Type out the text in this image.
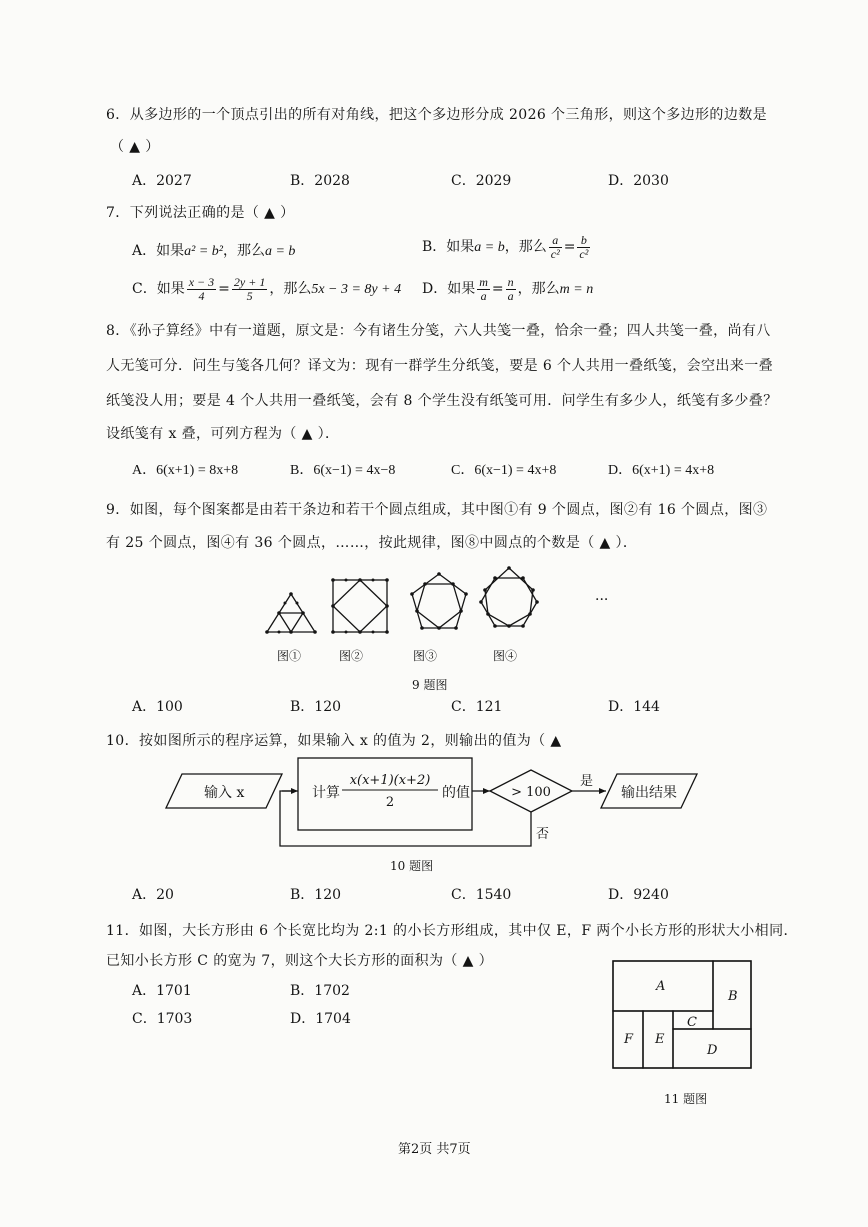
6．从多边形的一个顶点引出的所有对角线，把这个多边形分成 2026 个三角形，则这个多边形的边数是
（ ▲ ）
A．2027	B．2028	C．2029	D．2030
7．下列说法正确的是（ ▲ ）
A．如果a² = b²，那么a = b	B．如果a = b，那么 $\frac{a}{\text{c²}} = \frac{b}{\text{c²}}$
C．如果 $\frac{x - 3}{4} = \frac{2y + 1}{5}$ ，那么5x − 3 = 8y + 4 D．如果 $\frac{m}{a} = \frac{n}{a}$ ，那么m = n
8．《孙子算经》中有一道题，原文是：今有诸生分笺，六人共笺一叠，恰余一叠；四人共笺一叠，尚有八
人无笺可分．问生与笺各几何？译文为：现有一群学生分纸笺，要是 6 个人共用一叠纸笺，会空出来一叠
纸笺没人用；要是 4 个人共用一叠纸笺，会有 8 个学生没有纸笺可用．问学生有多少人，纸笺有多少叠？
设纸笺有 x 叠，可列方程为（ ▲ ）．
A．6(x+1) = 8x+8	B．6(x−1) = 4x−8	C．6(x−1) = 4x+8	D．6(x+1) = 4x+8
9．如图，每个图案都是由若干条边和若干个圆点组成，其中图①有 9 个圆点，图②有 16 个圆点，图③
有 25 个圆点，图④有 36 个圆点，……，按此规律，图⑧中圆点的个数是（ ▲ ）．
···
图①	图②	图③	图④
9 题图
A．100	B．120	C．121	D．144
10．按如图所示的程序运算，如果输入 x 的值为 2，则输出的值为（ ▲
输入 x	计算
x(x+1)(x+2)
2
的值	> 100
是
否
输出结果
10 题图
A．20	B．120	C．1540	D．9240
11．如图，大长方形由 6 个长宽比均为 2:1 的小长方形组成，其中仅 E，F 两个小长方形的形状大小相同．
已知小长方形 C 的宽为 7，则这个大长方形的面积为（ ▲ ）
A．1701	B．1702
C．1703	D．1704
A
B
C
D
E
F
11 题图
第2页 共7页
